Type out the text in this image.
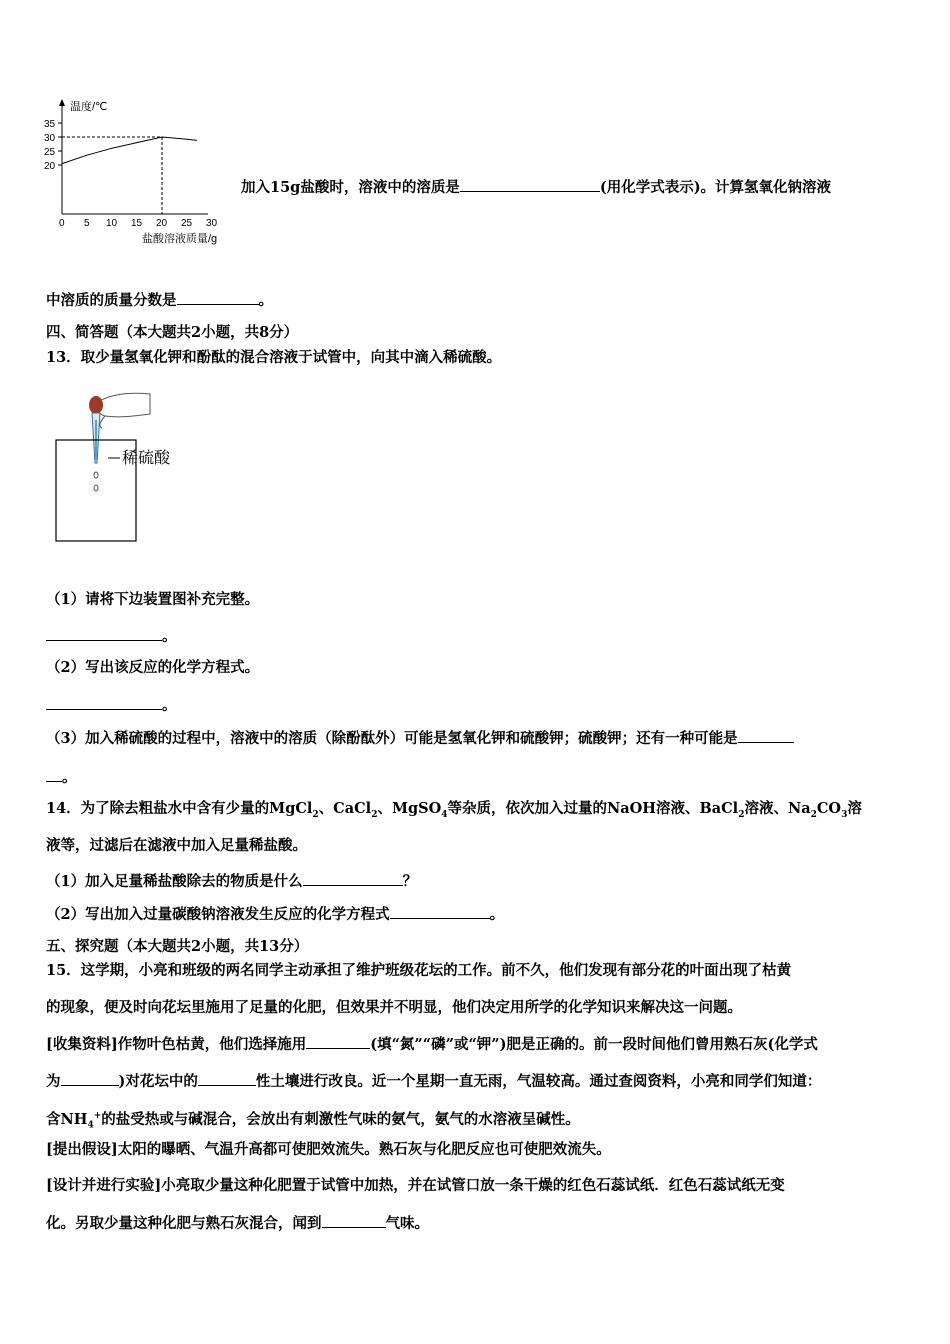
温度/℃
35
30
25
20
0 5 10 15 20 25 30
盐酸溶液质量/g
加入15g盐酸时，溶液中的溶质是	(用化学式表示)。计算氢氧化钠溶液
中溶质的质量分数是	。
四、简答题（本大题共2小题，共8分）
13．取少量氢氧化钾和酚酞的混合溶液于试管中，向其中滴入稀硫酸。
稀硫酸
（1）请将下边装置图补充完整。
。
（2）写出该反应的化学方程式。
。
（3）加入稀硫酸的过程中，溶液中的溶质（除酚酞外）可能是氢氧化钾和硫酸钾；硫酸钾；还有一种可能是
。
14．为了除去粗盐水中含有少量的MgCl$_2$、CaCl$_2$、MgSO$_4$等杂质，依次加入过量的NaOH溶液、BaCl$_2$溶液、$Na_2CO_3$溶
液等，过滤后在滤液中加入足量稀盐酸。
（1）加入足量稀盐酸除去的物质是什么	？
（2）写出加入过量碳酸钠溶液发生反应的化学方程式	。
五、探究题（本大题共2小题，共13分）
15．这学期，小亮和班级的两名同学主动承担了维护班级花坛的工作。前不久，他们发现有部分花的叶面出现了枯黄
的现象，便及时向花坛里施用了足量的化肥，但效果并不明显，他们决定用所学的化学知识来解决这一问题。
[收集资料]作物叶色枯黄，他们选择施用	(填“氮”“磷”或“钾”)肥是正确的。前一段时间他们曾用熟石灰(化学式
为	)对花坛中的	性土壤进行改良。近一个星期一直无雨，气温较高。通过查阅资料，小亮和同学们知道：
含$NH_4^+$的盐受热或与碱混合，会放出有刺激性气味的氨气，氨气的水溶液呈碱性。
[提出假设]太阳的曝晒、气温升高都可使肥效流失。熟石灰与化肥反应也可使肥效流失。
[设计并进行实验]小亮取少量这种化肥置于试管中加热，并在试管口放一条干燥的红色石蕊试纸．红色石蕊试纸无变
化。另取少量这种化肥与熟石灰混合，闻到	气味。
